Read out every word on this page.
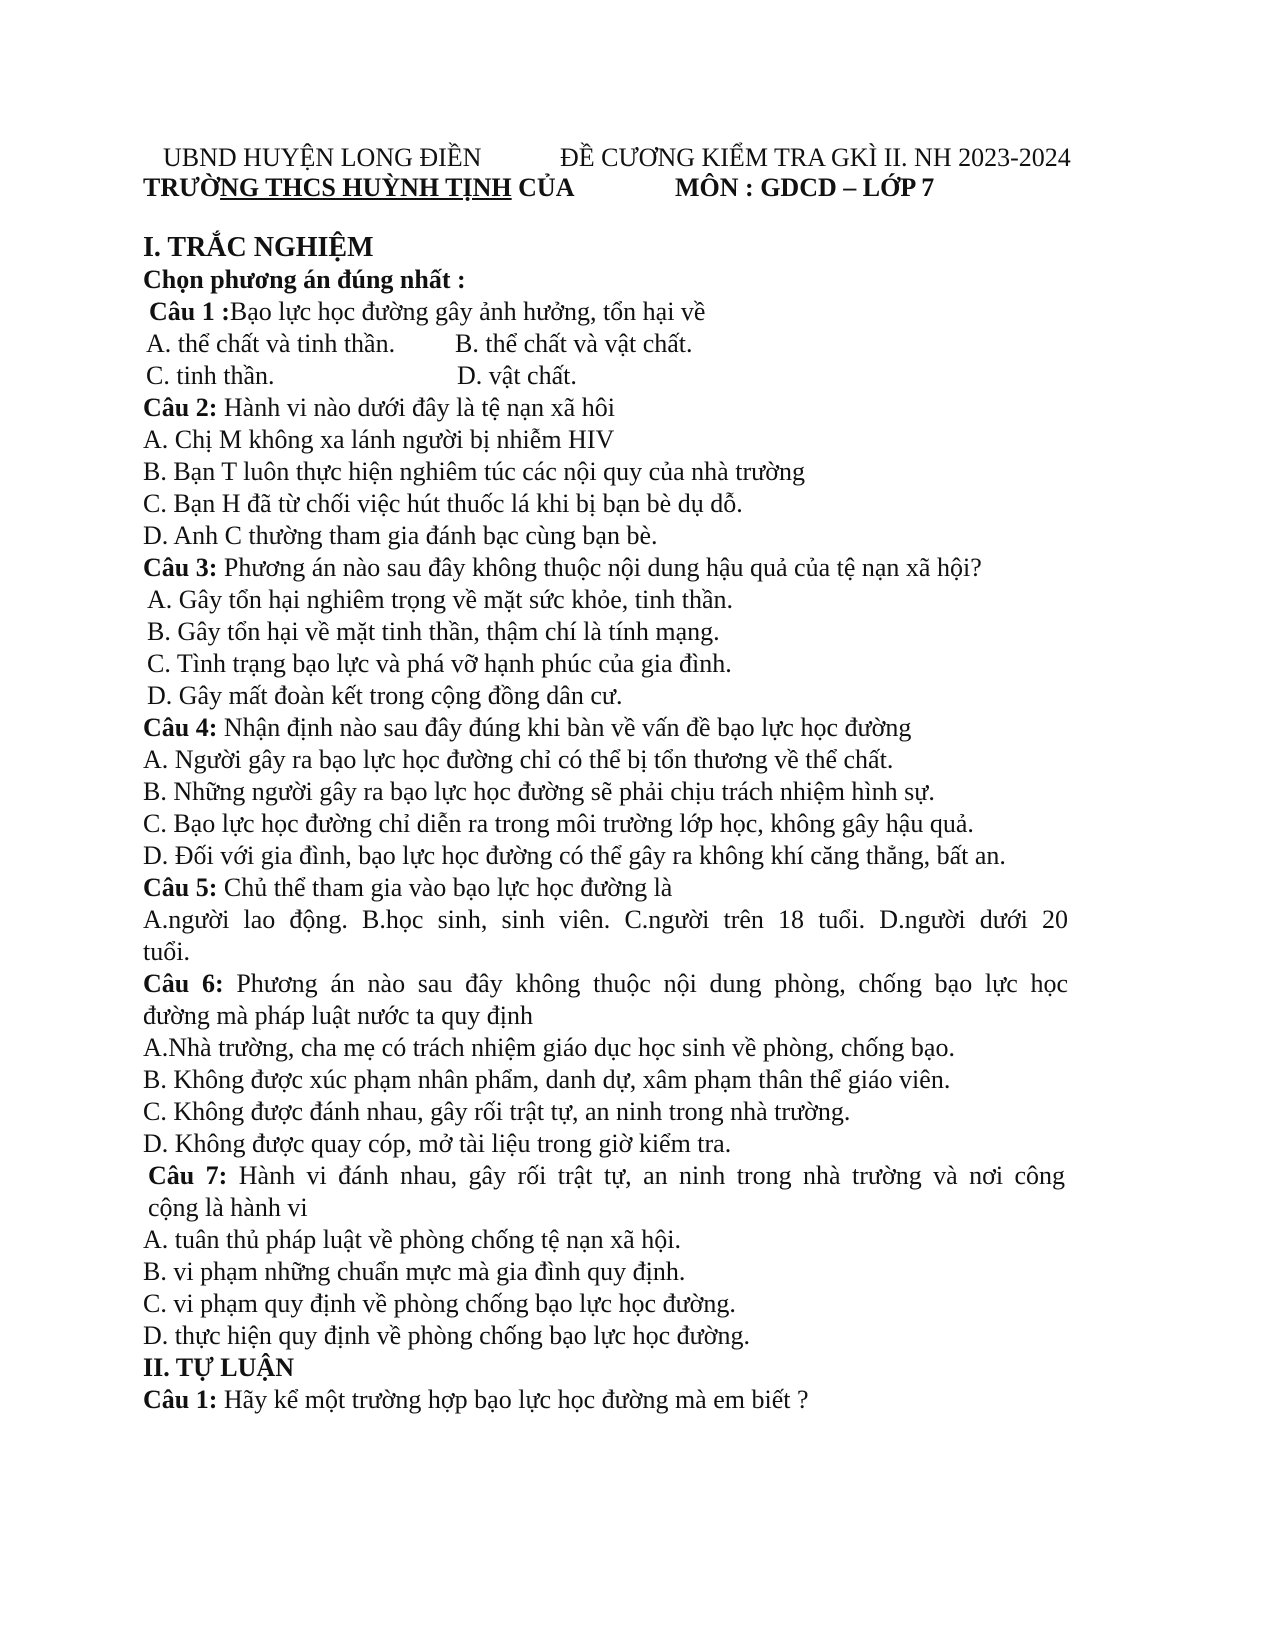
UBND HUYỆN LONG ĐIỀN	ĐỀ CƯƠNG KIỂM TRA GKÌ II. NH 2023-2024
TRƯỜNG THCS HUỲNH TỊNH CỦA	MÔN : GDCD – LỚP 7
I. TRẮC NGHIỆM
Chọn phương án đúng nhất :
Câu 1 :Bạo lực học đường gây ảnh hưởng, tổn hại về
A. thể chất và tinh thần. B. thể chất và vật chất.
C. tinh thần.	D. vật chất.
Câu 2: Hành vi nào dưới đây là tệ nạn xã hôi
A. Chị M không xa lánh người bị nhiễm HIV
B. Bạn T luôn thực hiện nghiêm túc các nội quy của nhà trường
C. Bạn H đã từ chối việc hút thuốc lá khi bị bạn bè dụ dỗ.
D. Anh C thường tham gia đánh bạc cùng bạn bè.
Câu 3: Phương án nào sau đây không thuộc nội dung hậu quả của tệ nạn xã hội?
A. Gây tổn hại nghiêm trọng về mặt sức khỏe, tinh thần.
B. Gây tổn hại về mặt tinh thần, thậm chí là tính mạng.
C. Tình trạng bạo lực và phá vỡ hạnh phúc của gia đình.
D. Gây mất đoàn kết trong cộng đồng dân cư.
Câu 4: Nhận định nào sau đây đúng khi bàn về vấn đề bạo lực học đường
A. Người gây ra bạo lực học đường chỉ có thể bị tổn thương về thể chất.
B. Những người gây ra bạo lực học đường sẽ phải chịu trách nhiệm hình sự.
C. Bạo lực học đường chỉ diễn ra trong môi trường lớp học, không gây hậu quả.
D. Đối với gia đình, bạo lực học đường có thể gây ra không khí căng thẳng, bất an.
Câu 5: Chủ thể tham gia vào bạo lực học đường là
A.người lao động. B.học sinh, sinh viên. C.người trên 18 tuổi. D.người dưới 20
tuổi.
Câu 6: Phương án nào sau đây không thuộc nội dung phòng, chống bạo lực học
đường mà pháp luật nước ta quy định
A.Nhà trường, cha mẹ có trách nhiệm giáo dục học sinh về phòng, chống bạo.
B. Không được xúc phạm nhân phẩm, danh dự, xâm phạm thân thể giáo viên.
C. Không được đánh nhau, gây rối trật tự, an ninh trong nhà trường.
D. Không được quay cóp, mở tài liệu trong giờ kiểm tra.
Câu 7: Hành vi đánh nhau, gây rối trật tự, an ninh trong nhà trường và nơi công
cộng là hành vi
A. tuân thủ pháp luật về phòng chống tệ nạn xã hội.
B. vi phạm những chuẩn mực mà gia đình quy định.
C. vi phạm quy định về phòng chống bạo lực học đường.
D. thực hiện quy định về phòng chống bạo lực học đường.
II. TỰ LUẬN
Câu 1: Hãy kể một trường hợp bạo lực học đường mà em biết ?
